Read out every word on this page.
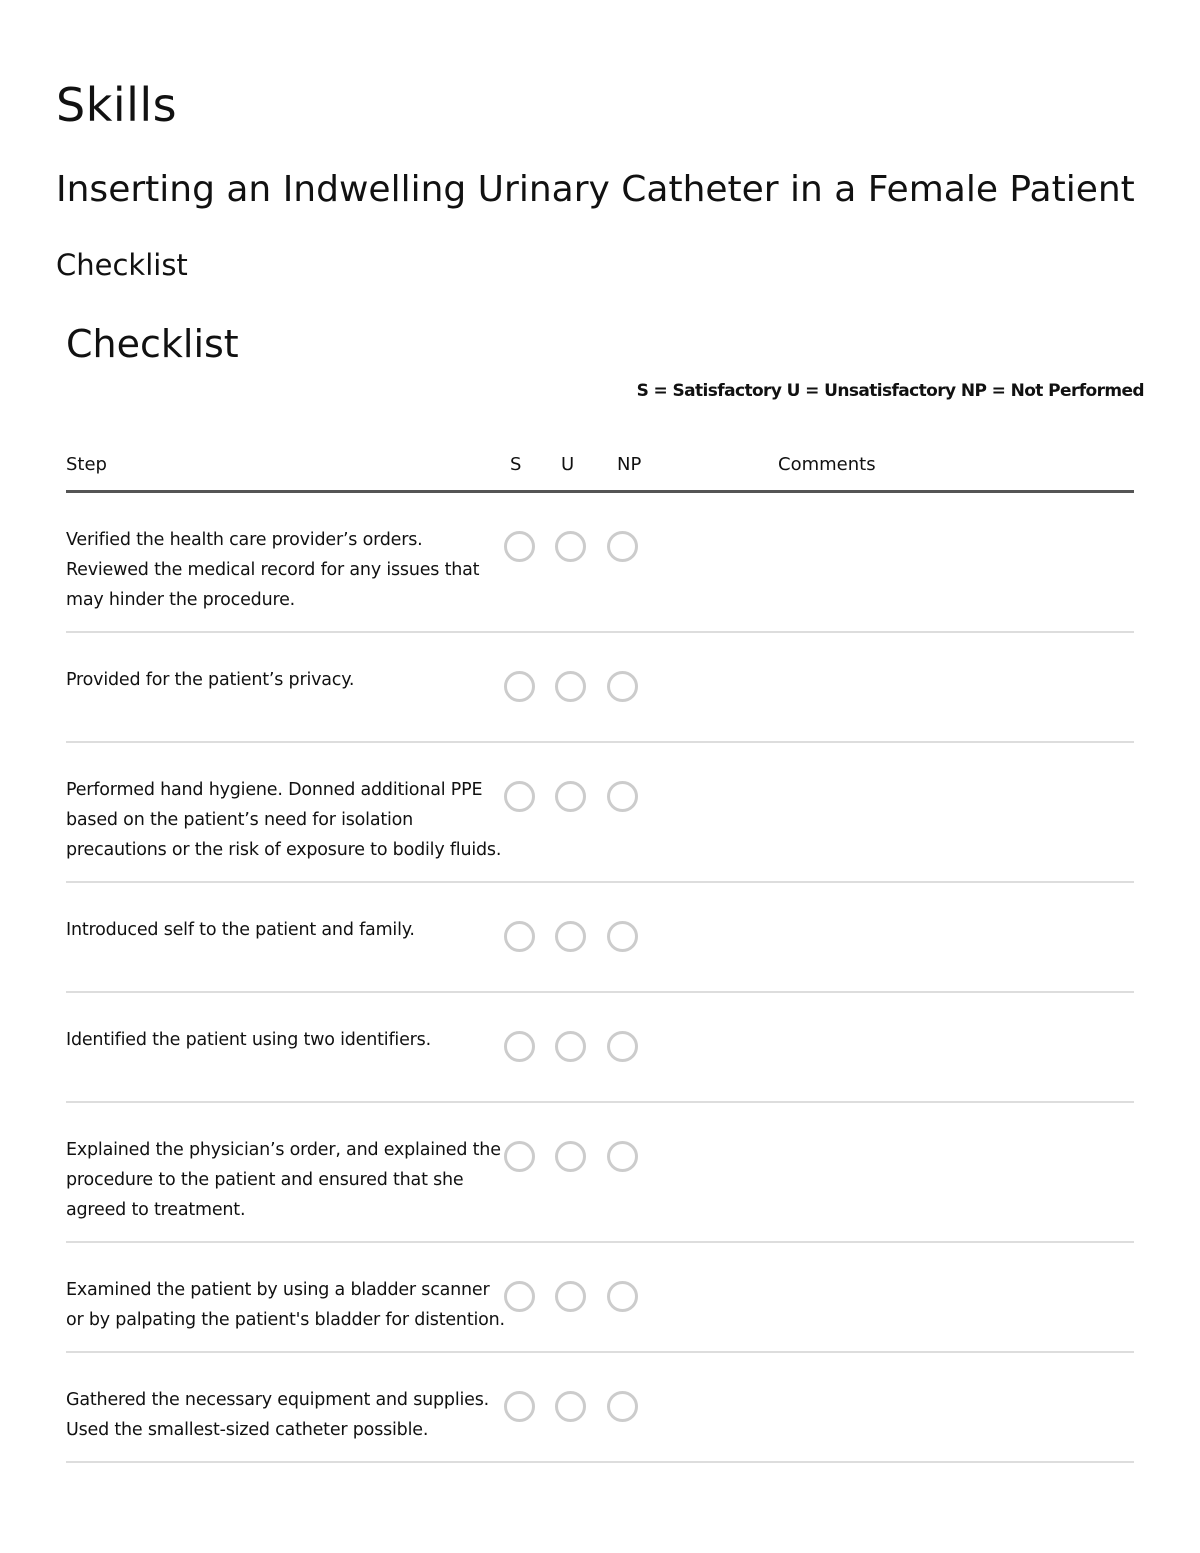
Skills
Inserting an Indwelling Urinary Catheter in a Female Patient
Checklist
Checklist
S = Satisfactory U = Unsatisfactory NP = Not Performed
Step	S U NP	Comments
Verified the health care provider’s orders. Reviewed the medical record for any issues that may hinder the procedure.
Provided for the patient’s privacy.
Performed hand hygiene. Donned additional PPE based on the patient’s need for isolation precautions or the risk of exposure to bodily fluids.
Introduced self to the patient and family.
Identified the patient using two identifiers.
Explained the physician’s order, and explained the procedure to the patient and ensured that she agreed to treatment.
Examined the patient by using a bladder scanner or by palpating the patient's bladder for distention.
Gathered the necessary equipment and supplies. Used the smallest-sized catheter possible.
